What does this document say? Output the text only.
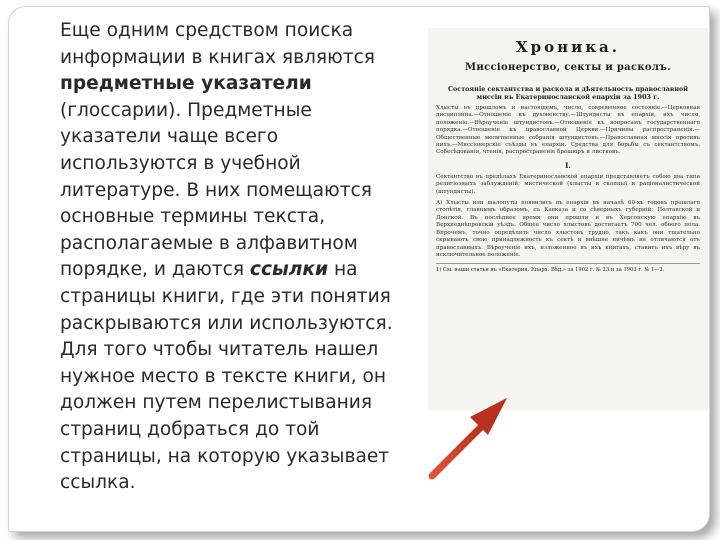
Еще одним средством поиска информации в книгах являются предметные указатели (глоссарии). Предметные указатели чаще всего используются в учебной литературе. В них помещаются основные термины текста, располагаемые в алфавитном порядке, и даются ссылки на страницы книги, где эти понятия раскрываются или используются. Для того чтобы читатель нашел нужное место в тексте книги, он должен путем перелистывания страниц добраться до той страницы, на которую указывает ссылка.
Хроника.
Миссіонерство, секты и расколъ.
Состояніе сектантства и раскола и дѣятельность православной миссіи въ Екатеринославской епархіи за 1903 г.
Хлысты въ прошломъ и настоящемъ, число, современное состояніе.—Церковная дисциплина.—Отношеніе къ духовенству.—Штундисты въ епархіи, ихъ число, положеніе.—Вѣроученіе штундистовъ.—Отношеніе къ вопросамъ государственнаго порядка.—Отношеніе къ православной Церкви.—Причины распространенія.—Общественные молитвенные собранія штундистовъ.—Православная миссія противъ нихъ.—Миссіонерскіе съѣзды въ епархіи. Средства для борьбы съ сектантствомъ. Собесѣдованія, чтенія, распространеніе брошюръ и листковъ.
I.
Сектантство въ предѣлахъ Екатеринославской епархіи представляетъ собою два типа религіозныхъ заблужденій: мистической (хлысты и скопцы) и раціоналистической (штундисты).
А) Хлысты или шалопуты появились въ епархіи въ началѣ 60-хъ годовъ прошлаго столѣтія, главнымъ образомъ, съ Кавказа и со сѣверныхъ губерній: Полтавской и Донской. Въ послѣднее время они прошли и въ Херсонскую епархію въ Верхнеднѣпровскій уѣздъ. Общее число хлыстовъ достигаетъ 700 чел. обоего пола. Впрочемъ, точно опредѣлить число хлыстовъ трудно, такъ какъ они тщательно скрываютъ свою принадлежность къ сектѣ и внѣшне ничѣмъ не отличаются отъ православныхъ. Вѣроученіе ихъ, изложенное въ ихъ книгахъ, ставитъ ихъ вѣру въ исключительное положеніе.
1) См. наши статьи въ «Екатерин. Епарх. Вѣд.» за 1902 г. № 23 и за 1903 г. № 1—2.
